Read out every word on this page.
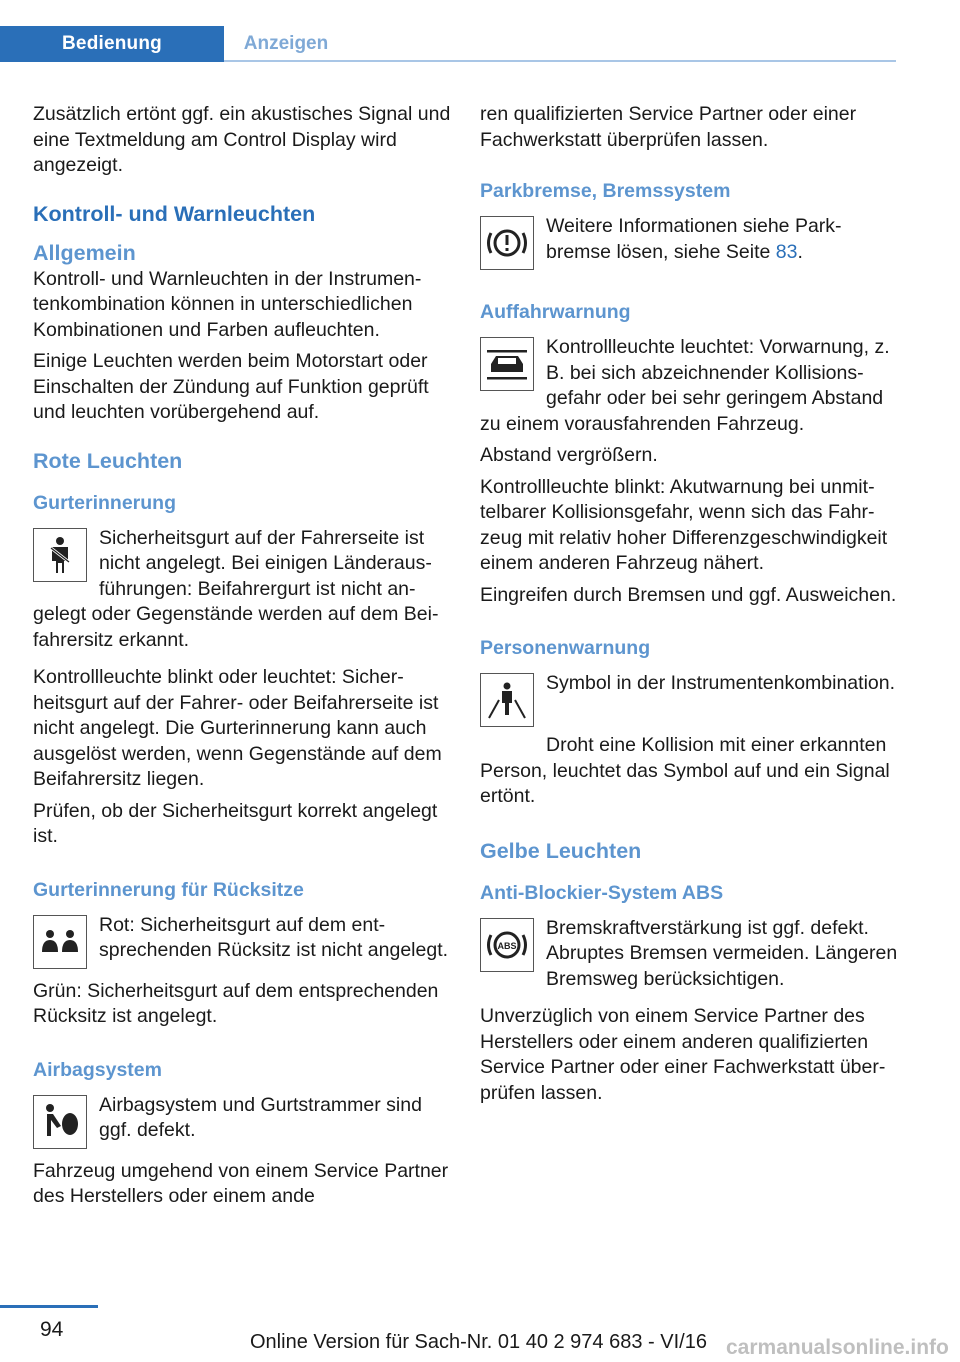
Bedienung	Anzeigen

Zusätzlich ertönt ggf. ein akustisches Signal und eine Textmeldung am Control Display wird angezeigt.

Kontroll- und Warnleuchten
Allgemein

Kontroll- und Warnleuchten in der Instrumentenkombination können in unterschiedlichen Kombinationen und Farben aufleuchten.

Einige Leuchten werden beim Motorstart oder Einschalten der Zündung auf Funktion geprüft und leuchten vorübergehend auf.

Rote Leuchten
Gurterinnerung

Sicherheitsgurt auf der Fahrerseite ist nicht angelegt. Bei einigen Länderausführungen: Beifahrergurt ist nicht angelegt oder Gegenstände werden auf dem Beifahrersitz erkannt.

Kontrollleuchte blinkt oder leuchtet: Sicherheitsgurt auf der Fahrer- oder Beifahrerseite ist nicht angelegt. Die Gurterinnerung kann auch ausgelöst werden, wenn Gegenstände auf dem Beifahrersitz liegen.

Prüfen, ob der Sicherheitsgurt korrekt angelegt ist.

Gurterinnerung für Rücksitze

Rot: Sicherheitsgurt auf dem entsprechenden Rücksitz ist nicht angelegt.

Grün: Sicherheitsgurt auf dem entsprechenden Rücksitz ist angelegt.

Airbagsystem

Airbagsystem und Gurtstrammer sind ggf. defekt.

Fahrzeug umgehend von einem Service Partner des Herstellers oder einem ande

ren qualifizierten Service Partner oder einer Fachwerkstatt überprüfen lassen.

Parkbremse, Bremssystem

Weitere Informationen siehe Parkbremse lösen, siehe Seite 83.

Auffahrwarnung

Kontrollleuchte leuchtet: Vorwarnung, z. B. bei sich abzeichnender Kollisionsgefahr oder bei sehr geringem Abstand zu einem vorausfahrenden Fahrzeug.

Abstand vergrößern.

Kontrollleuchte blinkt: Akutwarnung bei unmittelbarer Kollisionsgefahr, wenn sich das Fahrzeug mit relativ hoher Differenzgeschwindigkeit einem anderen Fahrzeug nähert.

Eingreifen durch Bremsen und ggf. Ausweichen.

Personenwarnung

Symbol in der Instrumentenkombination.

Droht eine Kollision mit einer erkannten Person, leuchtet das Symbol auf und ein Signal ertönt.

Gelbe Leuchten
Anti-Blockier-System ABS
ABS

Bremskraftverstärkung ist ggf. defekt. Abruptes Bremsen vermeiden. Längeren Bremsweg berücksichtigen.

Unverzüglich von einem Service Partner des Herstellers oder einem anderen qualifizierten Service Partner oder einer Fachwerkstatt überprüfen lassen.

94
Online Version für Sach-Nr. 01 40 2 974 683 - VI/16 carmanualsonline.info
